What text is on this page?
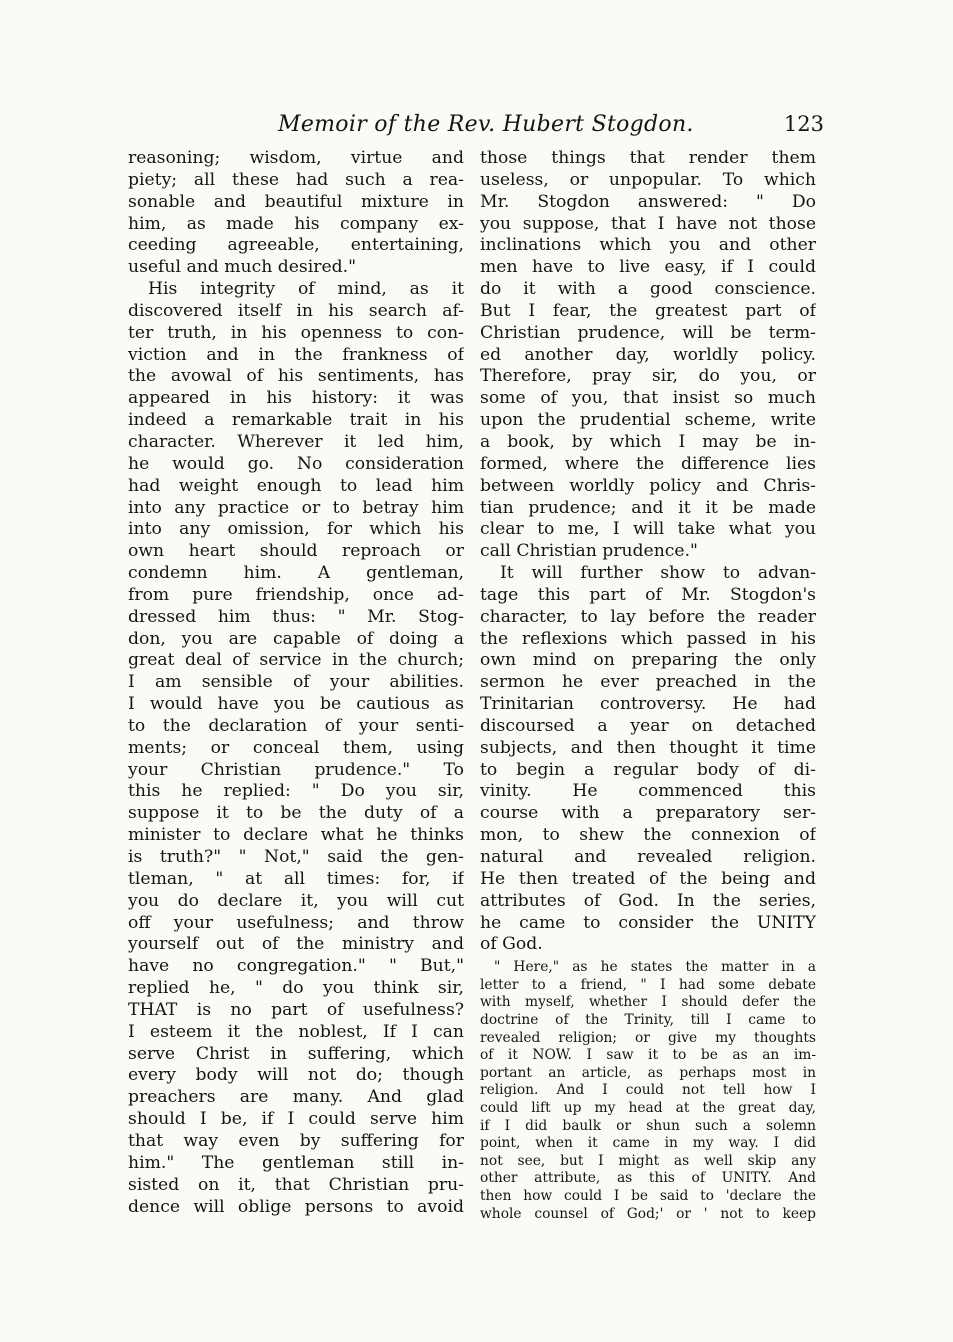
Memoir of the Rev. Hubert Stogdon.	123
reasoning; wisdom, virtue and
piety; all these had such a rea-
sonable and beautiful mixture in
him, as made his company ex-
ceeding agreeable, entertaining,
useful and much desired."
His integrity of mind, as it
discovered itself in his search af-
ter truth, in his openness to con-
viction and in the frankness of
the avowal of his sentiments, has
appeared in his history: it was
indeed a remarkable trait in his
character. Wherever it led him,
he would go. No consideration
had weight enough to lead him
into any practice or to betray him
into any omission, for which his
own heart should reproach or
condemn him. A gentleman,
from pure friendship, once ad-
dressed him thus: " Mr. Stog-
don, you are capable of doing a
great deal of service in the church;
I am sensible of your abilities.
I would have you be cautious as
to the declaration of your senti-
ments; or conceal them, using
your Christian prudence." To
this he replied: " Do you sir,
suppose it to be the duty of a
minister to declare what he thinks
is truth?" " Not," said the gen-
tleman, " at all times: for, if
you do declare it, you will cut
off your usefulness; and throw
yourself out of the ministry and
have no congregation." " But,"
replied he, " do you think sir,
THAT is no part of usefulness?
I esteem it the noblest, If I can
serve Christ in suffering, which
every body will not do; though
preachers are many. And glad
should I be, if I could serve him
that way even by suffering for
him." The gentleman still in-
sisted on it, that Christian pru-
dence will oblige persons to avoid
those things that render them
useless, or unpopular. To which
Mr. Stogdon answered: " Do
you suppose, that I have not those
inclinations which you and other
men have to live easy, if I could
do it with a good conscience.
But I fear, the greatest part of
Christian prudence, will be term-
ed another day, worldly policy.
Therefore, pray sir, do you, or
some of you, that insist so much
upon the prudential scheme, write
a book, by which I may be in-
formed, where the difference lies
between worldly policy and Chris-
tian prudence; and it it be made
clear to me, I will take what you
call Christian prudence."
It will further show to advan-
tage this part of Mr. Stogdon's
character, to lay before the reader
the reflexions which passed in his
own mind on preparing the only
sermon he ever preached in the
Trinitarian controversy. He had
discoursed a year on detached
subjects, and then thought it time
to begin a regular body of di-
vinity. He commenced this
course with a preparatory ser-
mon, to shew the connexion of
natural and revealed religion.
He then treated of the being and
attributes of God. In the series,
he came to consider the UNITY
of God.
" Here," as he states the matter in a
letter to a friend, " I had some debate
with myself, whether I should defer the
doctrine of the Trinity, till I came to
revealed religion; or give my thoughts
of it NOW. I saw it to be as an im-
portant an article, as perhaps most in
religion. And I could not tell how I
could lift up my head at the great day,
if I did baulk or shun such a solemn
point, when it came in my way. I did
not see, but I might as well skip any
other attribute, as this of UNITY. And
then how could I be said to 'declare the
whole counsel of God;' or ' not to keep
